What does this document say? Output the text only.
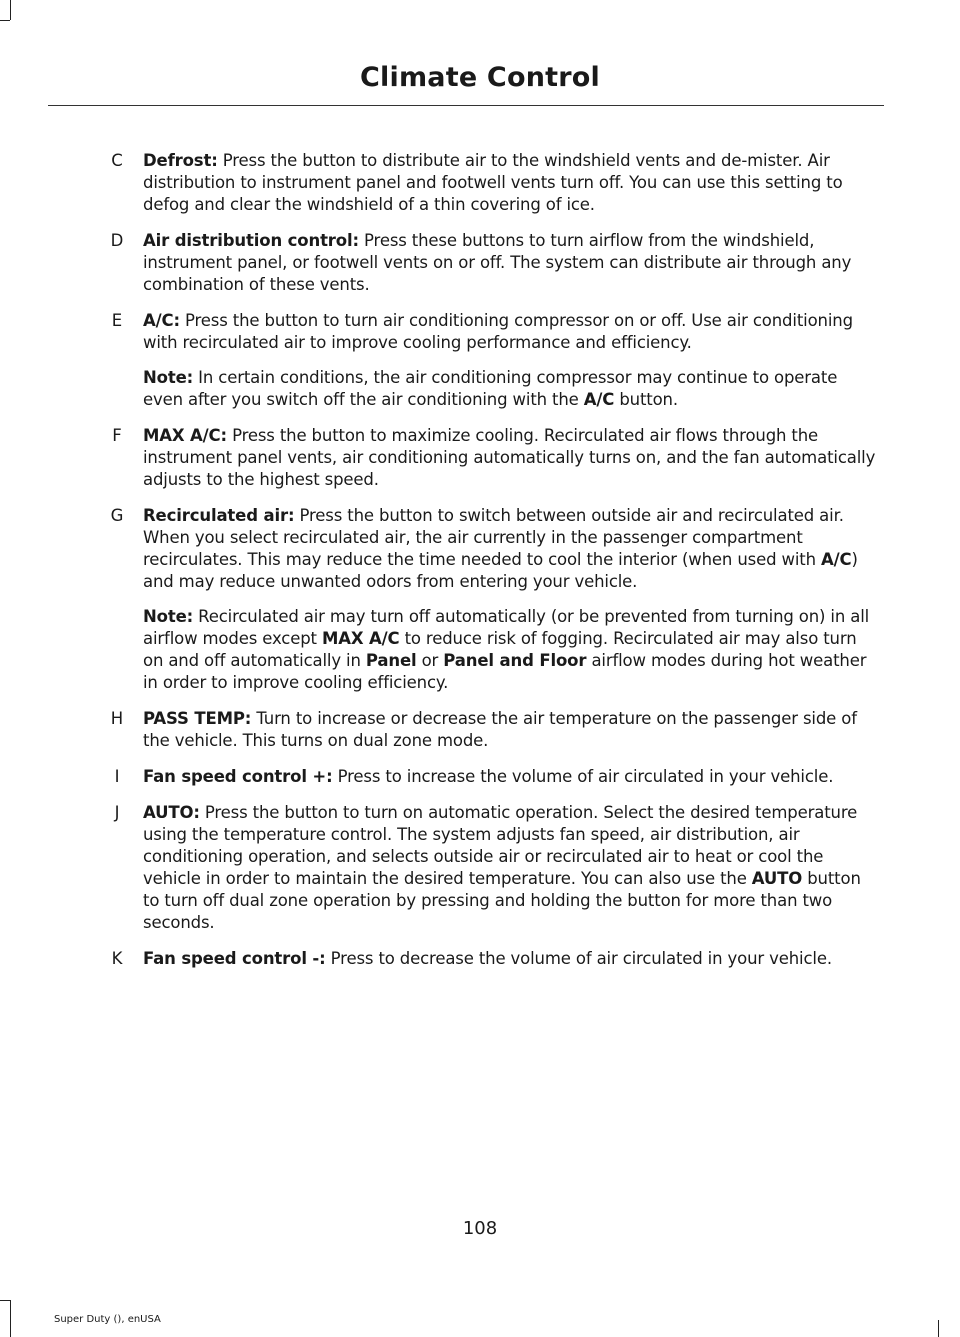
Climate Control
C	Defrost: Press the button to distribute air to the windshield vents and de-mister. Air distribution to instrument panel and footwell vents turn off. You can use this setting to defog and clear the windshield of a thin covering of ice.

D	Air distribution control: Press these buttons to turn airflow from the windshield, instrument panel, or footwell vents on or off. The system can distribute air through any combination of these vents.

E	A/C: Press the button to turn air conditioning compressor on or off. Use air conditioning with recirculated air to improve cooling performance and efficiency.

Note: In certain conditions, the air conditioning compressor may continue to operate even after you switch off the air conditioning with the A/C button.

F	MAX A/C: Press the button to maximize cooling. Recirculated air flows through the instrument panel vents, air conditioning automatically turns on, and the fan automatically adjusts to the highest speed.

G	Recirculated air: Press the button to switch between outside air and recirculated air. When you select recirculated air, the air currently in the passenger compartment recirculates. This may reduce the time needed to cool the interior (when used with A/C) and may reduce unwanted odors from entering your vehicle.

Note: Recirculated air may turn off automatically (or be prevented from turning on) in all airflow modes except MAX A/C to reduce risk of fogging. Recirculated air may also turn on and off automatically in Panel or Panel and Floor airflow modes during hot weather in order to improve cooling efficiency.

H	PASS TEMP: Turn to increase or decrease the air temperature on the passenger side of the vehicle. This turns on dual zone mode.

I	Fan speed control +: Press to increase the volume of air circulated in your vehicle.

J	AUTO: Press the button to turn on automatic operation. Select the desired temperature using the temperature control. The system adjusts fan speed, air distribution, air conditioning operation, and selects outside air or recirculated air to heat or cool the vehicle in order to maintain the desired temperature. You can also use the AUTO button to turn off dual zone operation by pressing and holding the button for more than two seconds.

K	Fan speed control -: Press to decrease the volume of air circulated in your vehicle.

108
Super Duty (), enUSA
